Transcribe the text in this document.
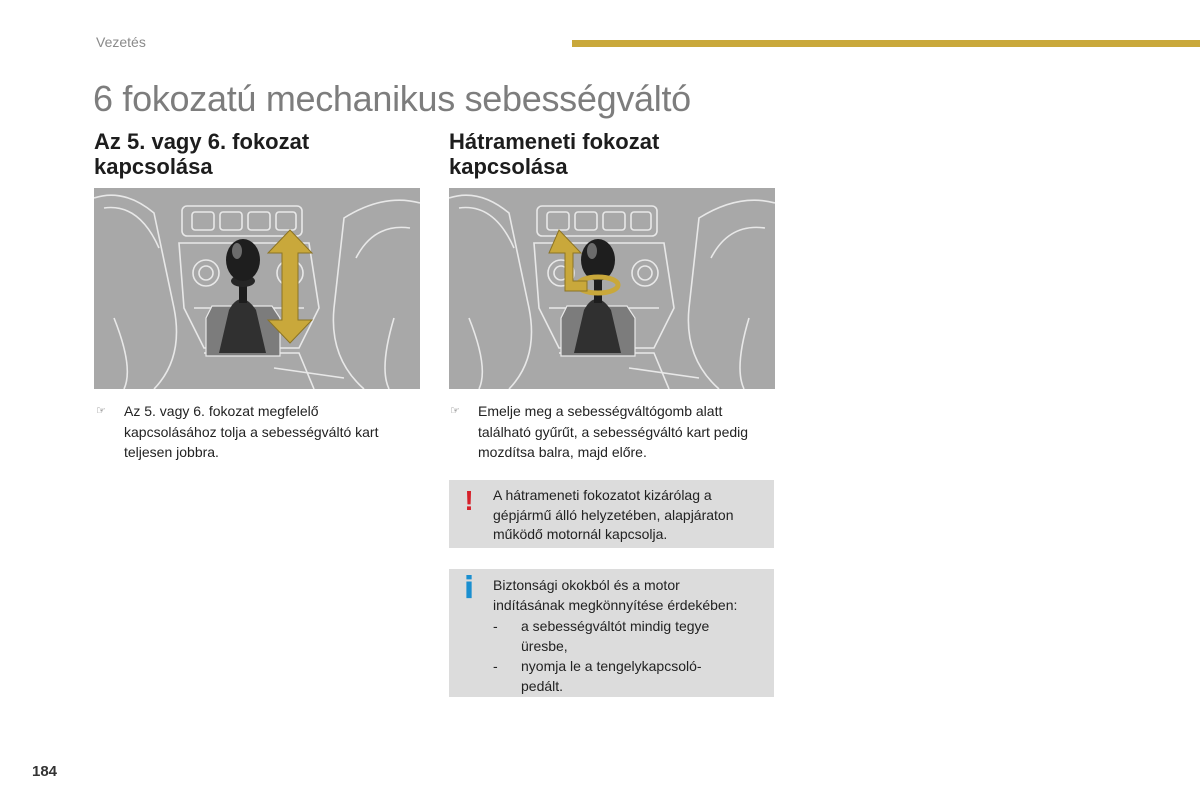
Vezetés
6 fokozatú mechanikus sebességváltó
Az 5. vagy 6. fokozat
kapcsolása
☞ Az 5. vagy 6. fokozat megfelelő
kapcsolásához tolja a sebességváltó kart
teljesen jobbra.
Hátrameneti fokozat
kapcsolása
☞ Emelje meg a sebességváltógomb alatt
található gyűrűt, a sebességváltó kart pedig
mozdítsa balra, majd előre.
! A hátrameneti fokozatot kizárólag a
gépjármű álló helyzetében, alapjáraton
működő motornál kapcsolja.
i Biztonsági okokból és a motor
indításának megkönnyítése érdekében:
- a sebességváltót mindig tegye
üresbe,
- nyomja le a tengelykapcsoló-
pedált.
184
